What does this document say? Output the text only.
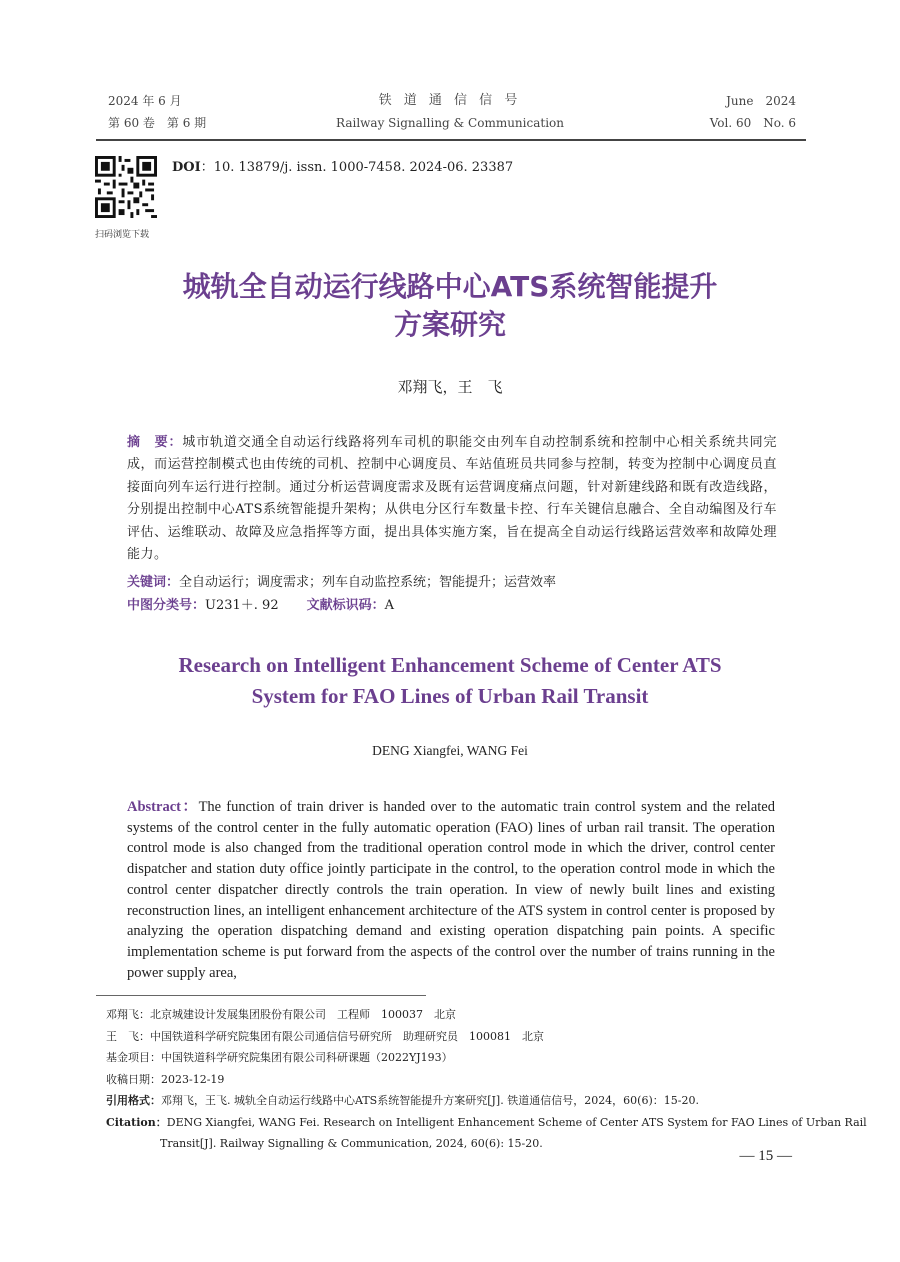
2024 年 6 月
第 60 卷　第 6 期
铁 道 通 信 信 号
Railway Signalling & Communication
June　2024
Vol. 60　No. 6
扫码浏览下载
DOI：10. 13879/j. issn. 1000-7458. 2024-06. 23387
城轨全自动运行线路中心ATS系统智能提升
方案研究
邓翔飞，王　飞
摘　要：城市轨道交通全自动运行线路将列车司机的职能交由列车自动控制系统和控制中心相关系统共同完成，而运营控制模式也由传统的司机、控制中心调度员、车站值班员共同参与控制，转变为控制中心调度员直接面向列车运行进行控制。通过分析运营调度需求及既有运营调度痛点问题，针对新建线路和既有改造线路，分别提出控制中心ATS系统智能提升架构；从供电分区行车数量卡控、行车关键信息融合、全自动编图及行车评估、运维联动、故障及应急指挥等方面，提出具体实施方案，旨在提高全自动运行线路运营效率和故障处理能力。
关键词：全自动运行；调度需求；列车自动监控系统；智能提升；运营效率
中图分类号：U231＋. 92 文献标识码：A
Research on Intelligent Enhancement Scheme of Center ATS
System for FAO Lines of Urban Rail Transit
DENG Xiangfei, WANG Fei
Abstract：The function of train driver is handed over to the automatic train control system and the related systems of the control center in the fully automatic operation (FAO) lines of urban rail transit. The operation control mode is also changed from the traditional operation control mode in which the driver, control center dispatcher and station duty office jointly participate in the control, to the operation control mode in which the control center dispatcher directly controls the train operation. In view of newly built lines and existing reconstruction lines, an intelligent enhancement architecture of the ATS system in control center is proposed by analyzing the operation dispatching demand and existing operation dispatching pain points. A specific implementation scheme is put forward from the aspects of the control over the number of trains running in the power supply area,
邓翔飞：北京城建设计发展集团股份有限公司　工程师　100037　北京
王　飞：中国铁道科学研究院集团有限公司通信信号研究所　助理研究员　100081　北京
基金项目：中国铁道科学研究院集团有限公司科研课题（2022YJ193）
收稿日期：2023-12-19
引用格式：邓翔飞，王飞. 城轨全自动运行线路中心ATS系统智能提升方案研究[J]. 铁道通信信号，2024，60(6)：15-20.
Citation：DENG Xiangfei, WANG Fei. Research on Intelligent Enhancement Scheme of Center ATS System for FAO Lines of Urban Rail
Transit[J]. Railway Signalling & Communication, 2024, 60(6): 15-20.
— 15 —
